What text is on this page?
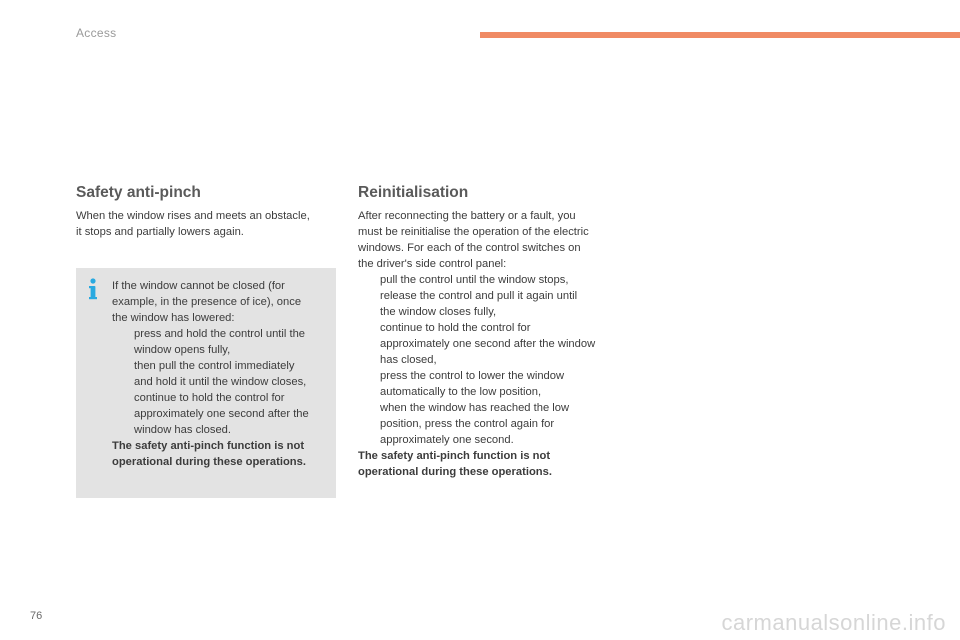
Access
Safety anti-pinch

When the window rises and meets an obstacle,

it stops and partially lowers again.

If the window cannot be closed (for

example, in the presence of ice), once

the window has lowered:

press and hold the control until the
window opens fully,
then pull the control immediately
and hold it until the window closes,
continue to hold the control for
approximately one second after the
window has closed.

The safety anti-pinch function is not

operational during these operations.

Reinitialisation

After reconnecting the battery or a fault, you

must be reinitialise the operation of the electric

windows. For each of the control switches on

the driver's side control panel:

pull the control until the window stops,
release the control and pull it again until
the window closes fully,
continue to hold the control for
approximately one second after the window
has closed,
press the control to lower the window
automatically to the low position,
when the window has reached the low
position, press the control again for
approximately one second.

The safety anti-pinch function is not

operational during these operations.

76	carmanualsonline.info
